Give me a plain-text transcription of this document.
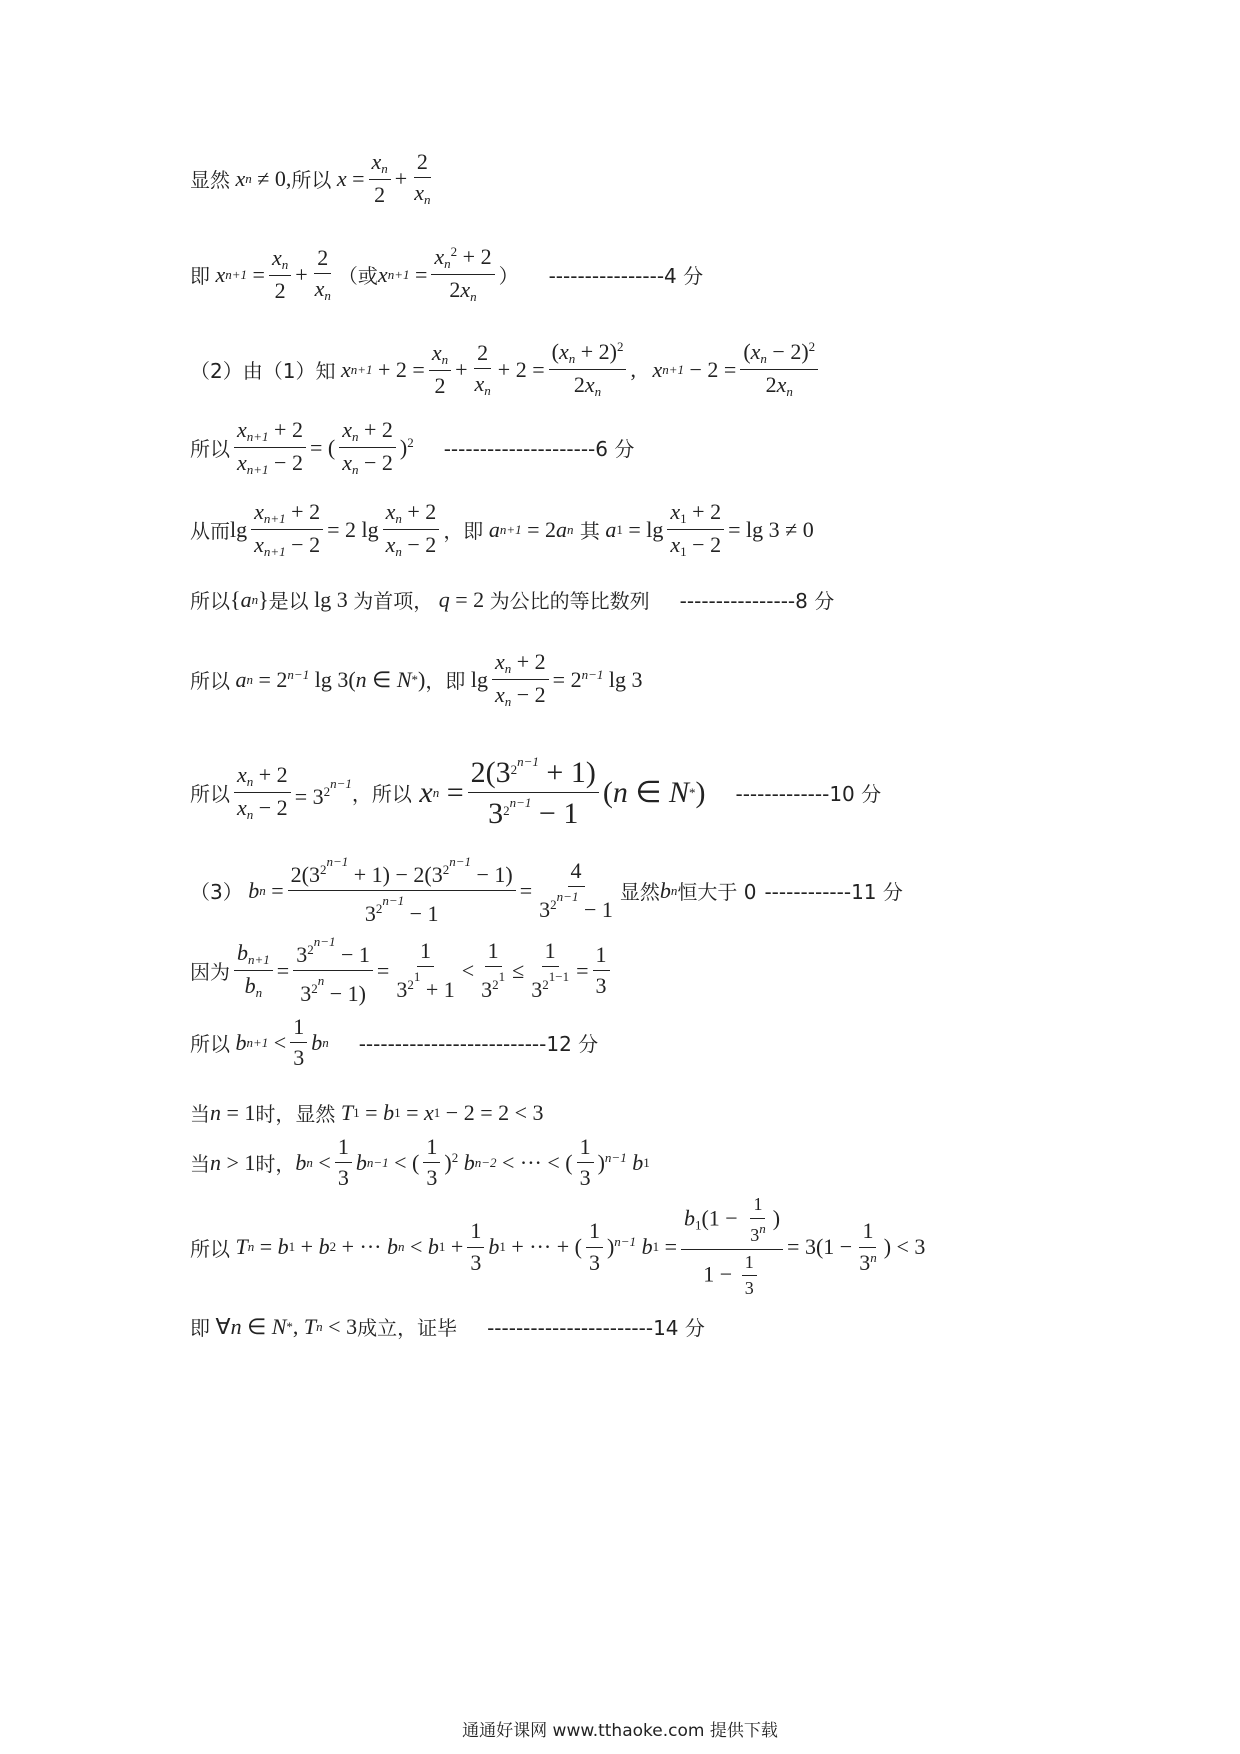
显然 x n ≠ 0, 所以 $x = \frac{x_n}{2} + \frac{2}{x_n}$
即 x $n+1 = \frac{x_n}{2} + \frac{2}{x_n}$ （或 x $n+1 = \frac{x_n^2 + 2}{2x_n}$ ） ----------------4 分
（2）由（1）知 x $n+1 + 2 = \frac{x_n}{2} + \frac{2}{x_n} + 2 = \frac{(x_n + 2)^2}{2x_n}$ , x $n+1 - 2 = \frac{(x_n - 2)^2}{2x_n}$
所以 $\frac{x_{n+1} + 2}{x_{n+1} - 2}$ = (
$x_n + 2$
$x_n - 2$
)$^2$ ---------------------6 分
从而 $\lg \frac{x_{n+1} + 2}{x_{n+1} - 2} = 2$ lg
$x_n + 2$
$x_n - 2$
，即 a n+1 = 2 a n
其 a $1 = \lg \frac{x_1 + 2}{x_1 - 2} = \lg 3 \ne 0$
所以 { a n } 是以 lg 3 为首项， q = 2 为公比的等比数列 ----------------8 分
所以 a $n = 2^{n-1}$ lg 3( n ∈ N * ) ，即 $\lg \frac{x_n + 2}{x_n - 2} = 2^{n-1}$ lg 3
所以 $\frac{x_n + 2}{x_n - 2} = 3^{2^{n-1}}$ ，所以 x $n = \frac{2(3^{2^{n-1}} + 1)}{3^{2^{n-1}} - 1}$ ( n ∈ N * ) -------------10 分
（3） b $n = \frac{2(3^{2^{n-1}} + 1) - 2(3^{2^{n-1}} - 1)}{3^{2^{n-1}} - 1} = \frac{4}{3^{2^{n-1}} - 1}$ 显然 b n 恒大于 0 ------------11 分
因为 $\frac{b_{n+1}}{b_n} = \frac{3^{2^{n-1}} - 1}{3^{2^n} - 1)} = \frac{1}{3^{2^1} + 1} < \frac{1}{3^{2^1}} \le \frac{1}{3^{2^{1-1}}} = \frac{1}{3}$
所以 b n+1 <
1
3
b n --------------------------12 分
当 n = 1 时，显然 T 1 = b 1 = x 1 − 2 = 2 < 3
当 n > 1 时， b n <
1
3
b n−1 < (
1
3
)$^2$ b n−2 < ··· < (
1
3
)$^{n-1}$ b 1
所以 T n = b 1 + b 2 + ··· b n < b $1 + \frac{1}{3}$ b 1 + ··· + (
1
3
)$^{n-1}$ b $1 = \frac{b_1(1 - \frac{1}{3^n} )}{1 - \frac{1}{3}} = 3(1 - \frac{1}{3^n}$ ) < 3
即 ∀ n ∈ N * , T n < 3 成立，证毕 -----------------------14 分
通通好课网 www.tthaoke.com 提供下载
